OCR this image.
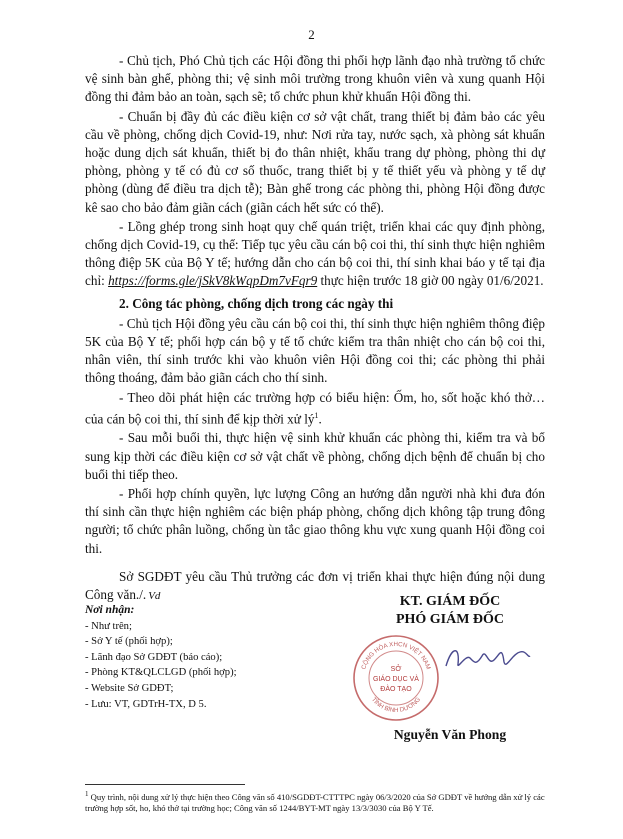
2

- Chủ tịch, Phó Chủ tịch các Hội đồng thi phối hợp lãnh đạo nhà trường tổ chức vệ sinh bàn ghế, phòng thi; vệ sinh môi trường trong khuôn viên và xung quanh Hội đồng thi đảm bảo an toàn, sạch sẽ; tổ chức phun khử khuẩn Hội đồng thi.

- Chuẩn bị đầy đủ các điều kiện cơ sở vật chất, trang thiết bị đảm bảo các yêu cầu về phòng, chống dịch Covid-19, như: Nơi rửa tay, nước sạch, xà phòng sát khuẩn hoặc dung dịch sát khuẩn, thiết bị đo thân nhiệt, khẩu trang dự phòng, phòng thi dự phòng, phòng y tế có đủ cơ số thuốc, trang thiết bị y tế thiết yếu và phòng y tế dự phòng (dùng để điều tra dịch tễ); Bàn ghế trong các phòng thi, phòng Hội đồng được kê sao cho bảo đảm giãn cách (giãn cách hết sức có thể).

- Lồng ghép trong sinh hoạt quy chế quán triệt, triển khai các quy định phòng, chống dịch Covid-19, cụ thể: Tiếp tục yêu cầu cán bộ coi thi, thí sinh thực hiện nghiêm thông điệp 5K của Bộ Y tế; hướng dẫn cho cán bộ coi thi, thí sinh khai báo y tế tại địa chỉ: https://forms.gle/jSkV8kWqpDm7vFqr9 thực hiện trước 18 giờ 00 ngày 01/6/2021.

2. Công tác phòng, chống dịch trong các ngày thi

- Chủ tịch Hội đồng yêu cầu cán bộ coi thi, thí sinh thực hiện nghiêm thông điệp 5K của Bộ Y tế; phối hợp cán bộ y tế tổ chức kiểm tra thân nhiệt cho cán bộ coi thi, nhân viên, thí sinh trước khi vào khuôn viên Hội đồng coi thi; các phòng thi phải thông thoáng, đảm bảo giãn cách cho thí sinh.

- Theo dõi phát hiện các trường hợp có biểu hiện: Ốm, ho, sốt hoặc khó thở… của cán bộ coi thi, thí sinh để kịp thời xử $lý^1$.

- Sau mỗi buổi thi, thực hiện vệ sinh khử khuẩn các phòng thi, kiểm tra và bổ sung kịp thời các điều kiện cơ sở vật chất về phòng, chống dịch bệnh để chuẩn bị cho buổi thi tiếp theo.

- Phối hợp chính quyền, lực lượng Công an hướng dẫn người nhà khi đưa đón thí sinh cần thực hiện nghiêm các biện pháp phòng, chống dịch không tập trung đông người; tổ chức phân luồng, chống ùn tắc giao thông khu vực xung quanh Hội đồng coi thi.

Sở SGDĐT yêu cầu Thủ trưởng các đơn vị triển khai thực hiện đúng nội dung Công văn./. Vd

Nơi nhận:
- Như trên;
- Sở Y tế (phối hợp);
- Lãnh đạo Sở GDĐT (báo cáo);
- Phòng KT&QLCLGD (phối hợp);
- Website Sở GDĐT;
- Lưu: VT, GDTrH-TX, D 5.
KT. GIÁM ĐỐC
PHÓ GIÁM ĐỐC
CỘNG HÒA XHCN VIỆT NAM
TỈNH BÌNH DƯƠNG
SỞ
GIÁO DỤC VÀ
ĐÀO TẠO
Nguyễn Văn Phong
$^1$ Quy trình, nội dung xử lý thực hiện theo Công văn số 410/SGDĐT-CTTTPC ngày 06/3/2020 của Sở GDĐT về hướng dẫn xử lý các trường hợp sốt, ho, khó thở tại trường học; Công văn số 1244/BYT-MT ngày 13/3/3030 của Bộ Y Tế.
